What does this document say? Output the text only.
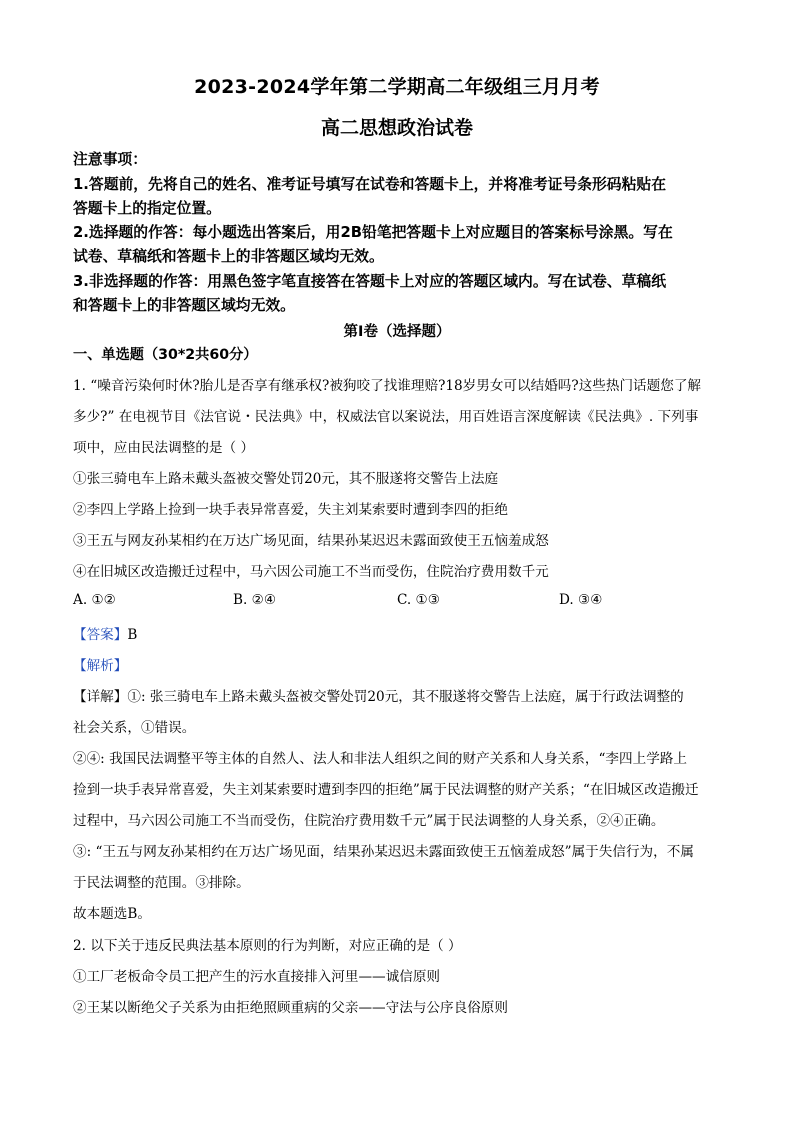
2023-2024学年第二学期高二年级组三月月考
高二思想政治试卷
注意事项：
1.答题前，先将自己的姓名、准考证号填写在试卷和答题卡上，并将准考证号条形码粘贴在
答题卡上的指定位置。
2.选择题的作答：每小题选出答案后，用2B铅笔把答题卡上对应题目的答案标号涂黑。写在
试卷、草稿纸和答题卡上的非答题区域均无效。
3.非选择题的作答：用黑色签字笔直接答在答题卡上对应的答题区域内。写在试卷、草稿纸
和答题卡上的非答题区域均无效。
第Ⅰ卷（选择题）
一、单选题（30*2共60分）
1. “噪音污染何时休?胎儿是否享有继承权?被狗咬了找谁理赔?18岁男女可以结婚吗?这些热门话题您了解
多少?” 在电视节目《法官说・民法典》中，权威法官以案说法，用百姓语言深度解读《民法典》. 下列事
项中，应由民法调整的是（ ）
①张三骑电车上路未戴头盔被交警处罚20元，其不服遂将交警告上法庭
②李四上学路上捡到一块手表异常喜爱，失主刘某索要时遭到李四的拒绝
③王五与网友孙某相约在万达广场见面，结果孙某迟迟未露面致使王五恼羞成怒
④在旧城区改造搬迁过程中，马六因公司施工不当而受伤，住院治疗费用数千元
A. ①②	B. ②④	C. ①③	D. ③④
【答案】B
【解析】
【详解】①: 张三骑电车上路未戴头盔被交警处罚20元，其不服遂将交警告上法庭，属于行政法调整的
社会关系，①错误。
②④: 我国民法调整平等主体的自然人、法人和非法人组织之间的财产关系和人身关系，“李四上学路上
捡到一块手表异常喜爱，失主刘某索要时遭到李四的拒绝”属于民法调整的财产关系；“在旧城区改造搬迁
过程中，马六因公司施工不当而受伤，住院治疗费用数千元”属于民法调整的人身关系，②④正确。
③: “王五与网友孙某相约在万达广场见面，结果孙某迟迟未露面致使王五恼羞成怒”属于失信行为，不属
于民法调整的范围。③排除。
故本题选B。
2. 以下关于违反民典法基本原则的行为判断，对应正确的是（ ）
①工厂老板命令员工把产生的污水直接排入河里——诚信原则
②王某以断绝父子关系为由拒绝照顾重病的父亲——守法与公序良俗原则
